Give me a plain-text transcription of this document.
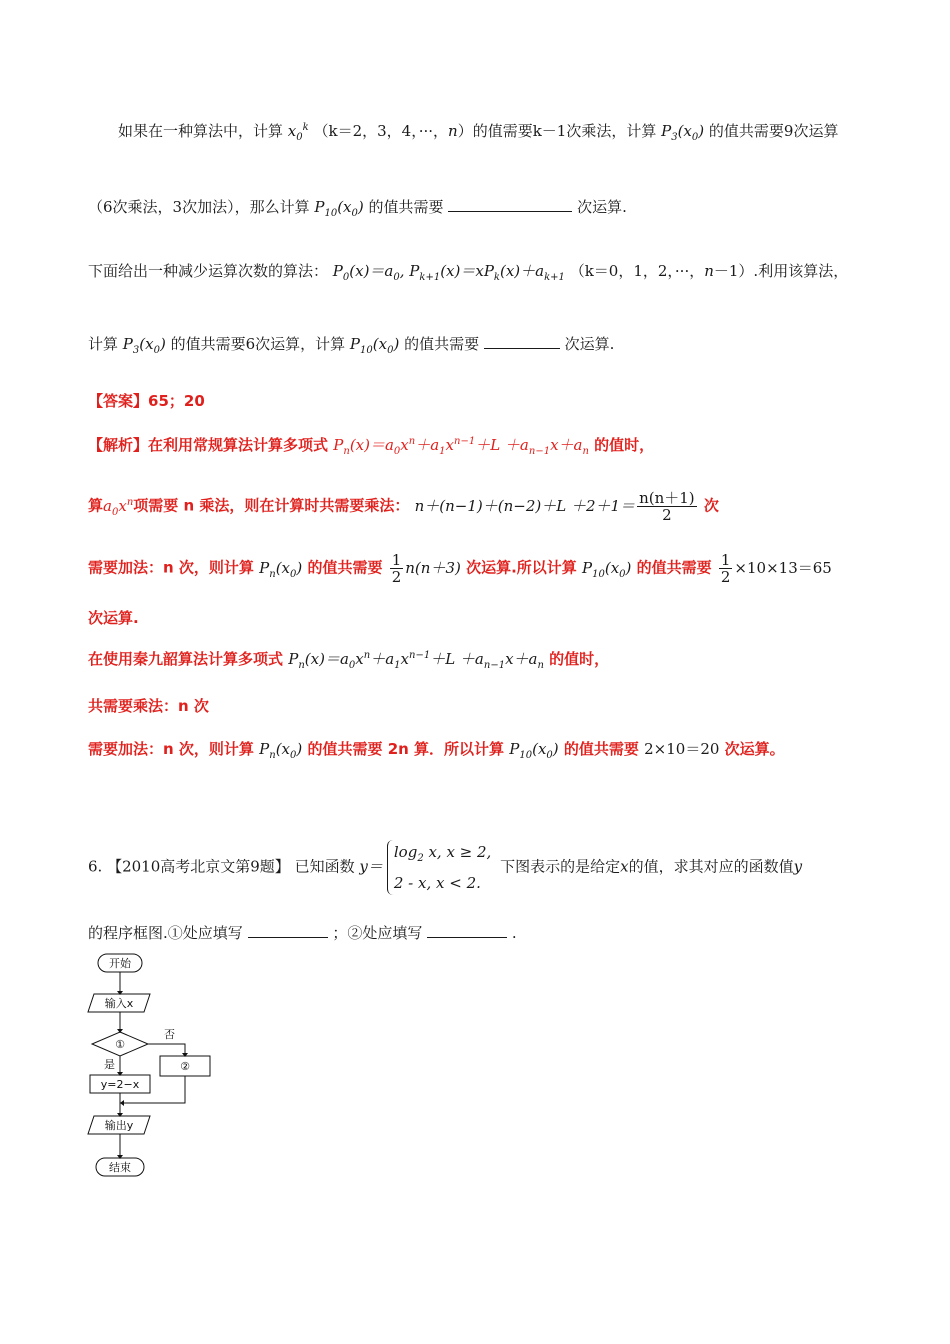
如果在一种算法中，计算 $x_0^k$ （k＝2，3，4，···，n）的值需要k－1次乘法，计算 $P_3(x_0)$ 的值共需要9次运算
（6次乘法，3次加法），那么计算 $P_{10}(x_0)$ 的值共需要	次运算.
下面给出一种减少运算次数的算法： $P_0(x)=a_0$, $P_{k+1}(x)=xP_k(x)+a_{k+1}$ （k＝0，1，2，···，n－1）.利用该算法，
计算 $P_3(x_0)$ 的值共需要6次运算，计算 $P_{10}(x_0)$ 的值共需要	次运算.
【答案】65；20
【解析】在利用常规算法计算多项式 $P_n(x)=a_0x^n+a_1x^{n-1}+L +a_{n-1}x+a_n$ 的值时，
算$a_0x^n$项需要 n 乘法，则在计算时共需要乘法： $n+(n-1)+(n-2)+L +2+1= \frac{n(n+1)}{2}$ 次
需要加法：n 次，则计算 $P_n(x_0)$ 的值共需要 $\frac{1}{2} n(n+3)$ 次运算.所以计算 $P_{10}(x_0)$ 的值共需要 $\frac{1}{2} \times 10\times 13=65$
次运算.
在使用秦九韶算法计算多项式 $P_n(x)=a_0x^n+a_1x^{n-1}+L +a_{n-1}x+a_n$ 的值时，
共需要乘法：n 次
需要加法：n 次，则计算 $P_n(x_0)$ 的值共需要 2n 算．所以计算 $P_{10}(x_0)$ 的值共需要 2×10＝20 次运算。
6. 【2010高考北京文第9题】 已知函数 $y=\log_2$ x, x ≥ 2,
2 - x, x < 2. 下图表示的是给定x的值，求其对应的函数值y
的程序框图.①处应填写	；②处应填写	.
开始
输入x
①
否
是	②
y=2−x
输出y
结束
